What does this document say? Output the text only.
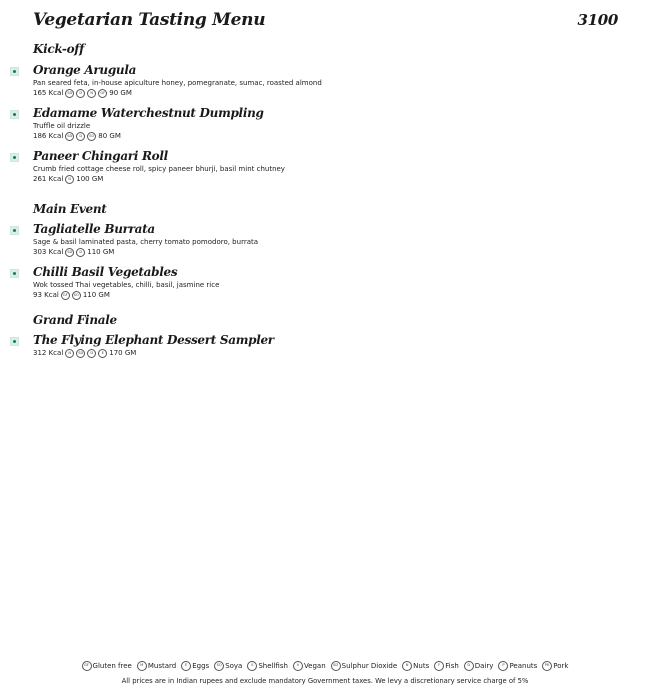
Vegetarian Tasting Menu	3100
Kick-off
Orange Arugula
Pan seared feta, in-house apiculture honey, pomegranate, sumac, roasted almond
165 Kcal	SD	D	N	GF 90 GM
Edamame Waterchestnut Dumpling
Truffle oil drizzle
186 Kcal	SD	D	SO 80 GM
Paneer Chingari Roll
Crumb fried cottage cheese roll, spicy paneer bhurji, basil mint chutney
261 Kcal	D 100 GM
Main Event
Tagliatelle Burrata
Sage & basil laminated pasta, cherry tomato pomodoro, burrata
303 Kcal	SD	D 110 GM
Chilli Basil Vegetables
Wok tossed Thai vegetables, chilli, basil, jasmine rice
93 Kcal	GF	SO 110 GM
Grand Finale
The Flying Elephant Dessert Sampler
312 Kcal	N	SD	D	E 170 GM
GF Gluten free	M Mustard	E Eggs	SO Soya	S Shellfish	V Vegan	SD Sulphur Dioxide	N Nuts	F Fish	D Dairy	P Peanuts	PK Pork
All prices are in Indian rupees and exclude mandatory Government taxes. We levy a discretionary service charge of 5%
